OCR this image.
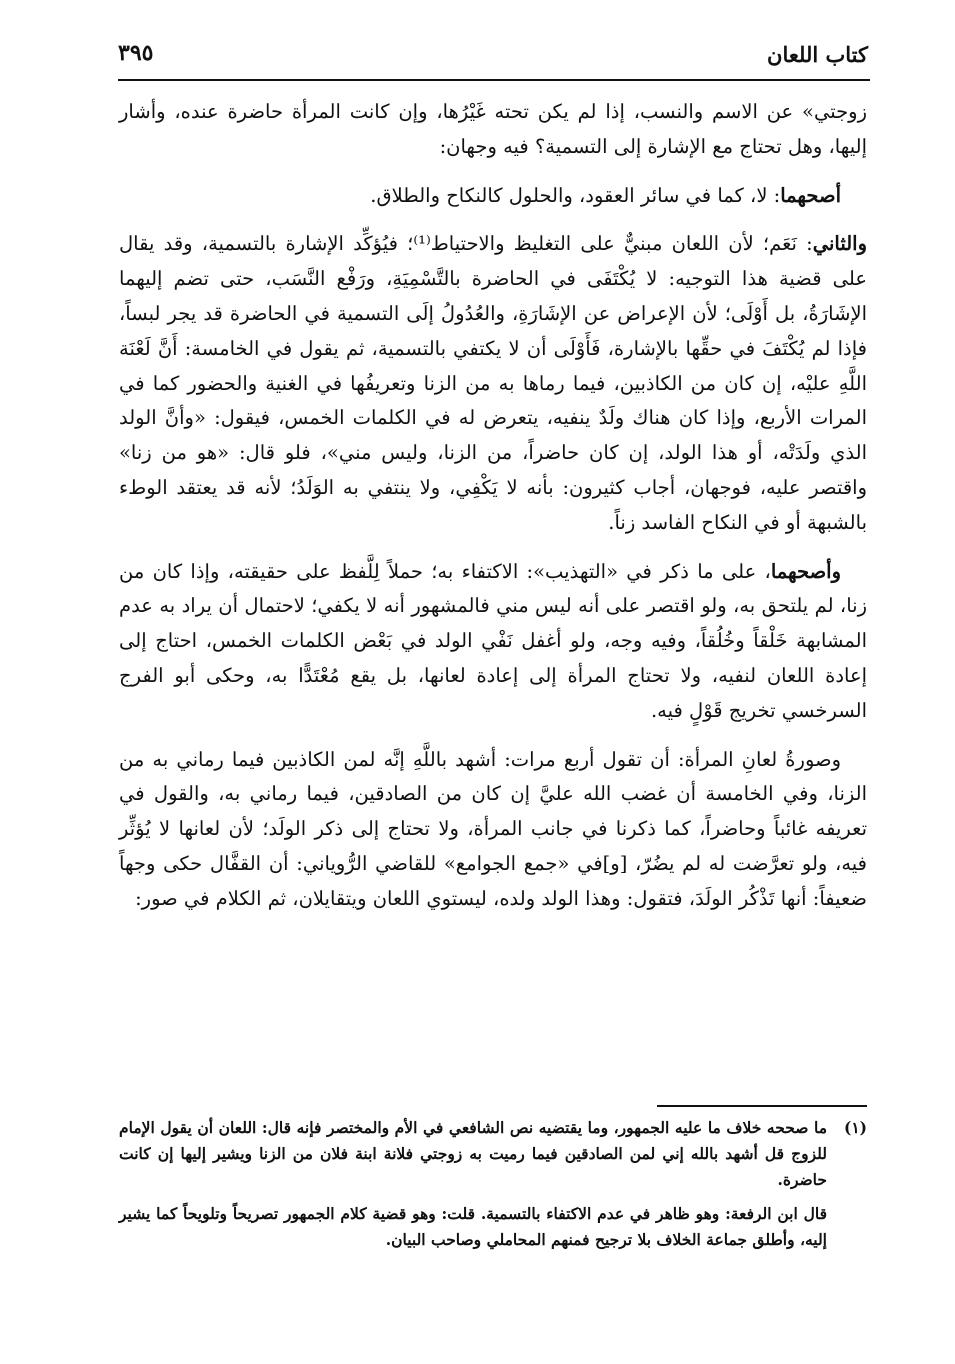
كتاب اللعان
٣٩٥

زوجتي» عن الاسم والنسب، إذا لم يكن تحته غَيْرُها، وإن كانت المرأة حاضرة عنده، وأشار إليها، وهل تحتاج مع الإشارة إلى التسمية؟ فيه وجهان:

أصحهما: لا، كما في سائر العقود، والحلول كالنكاح والطلاق.

والثاني: نَعَم؛ لأن اللعان مبنيٌّ على التغليظ والاحتياط⁽¹⁾؛ فيُؤكِّد الإشارة بالتسمية، وقد يقال على قضية هذا التوجيه: لا يُكْتَفَى في الحاضرة بالتَّسْمِيَةِ، ورَفْع النَّسَب، حتى تضم إليهما الإشَارَةُ، بل أَوْلَى؛ لأن الإعراض عن الإشَارَةِ، والعُدُولُ إلَى التسمية في الحاضرة قد يجر لبساً، فإذا لم يُكْتَفَ في حقِّها بالإشارة، فَأَوْلَى أن لا يكتفي بالتسمية، ثم يقول في الخامسة: أَنَّ لَعْنَة اللَّهِ عليْه، إن كان من الكاذبين، فيما رماها به من الزنا وتعريفُها في الغنية والحضور كما في المرات الأربع، وإذا كان هناك ولَدٌ ينفيه، يتعرض له في الكلمات الخمس، فيقول: «وأنَّ الولد الذي ولَدَتْه، أو هذا الولد، إن كان حاضراً، من الزنا، وليس مني»، فلو قال: «هو من زنا» واقتصر عليه، فوجهان، أجاب كثيرون: بأنه لا يَكْفِي، ولا ينتفي به الوَلَدُ؛ لأنه قد يعتقد الوطء بالشبهة أو في النكاح الفاسد زناً.

وأصحهما، على ما ذكر في «التهذيب»: الاكتفاء به؛ حملاً لِلَّفظ على حقيقته، وإذا كان من زنا، لم يلتحق به، ولو اقتصر على أنه ليس مني فالمشهور أنه لا يكفي؛ لاحتمال أن يراد به عدم المشابهة خَلْقاً وخُلُقاً، وفيه وجه، ولو أغفل نَفْي الولد في بَعْض الكلمات الخمس، احتاج إلى إعادة اللعان لنفيه، ولا تحتاج المرأة إلى إعادة لعانها، بل يقع مُعْتَدًّا به، وحكى أبو الفرج السرخسي تخريج قَوْلٍ فيه.

وصورةُ لعانِ المرأة: أن تقول أربع مرات: أشهد باللَّهِ إنَّه لمن الكاذبين فيما رماني به من الزنا، وفي الخامسة أن غضب الله عليَّ إن كان من الصادقين، فيما رماني به، والقول في تعريفه غائباً وحاضراً، كما ذكرنا في جانب المرأة، ولا تحتاج إلى ذكر الولَد؛ لأن لعانها لا يُؤثِّر فيه، ولو تعرَّضت له لم يضُرّ، [و]في «جمع الجوامع» للقاضي الرُّوياني: أن القفَّال حكى وجهاً ضعيفاً: أنها تَذْكُر الولَدَ، فتقول: وهذا الولد ولده، ليستوي اللعان ويتقايلان، ثم الكلام في صور:

(١)
ما صححه خلاف ما عليه الجمهور، وما يقتضيه نص الشافعي في الأم والمختصر فإنه قال: اللعان أن يقول الإمام للزوج قل أشهد بالله إني لمن الصادقين فيما رميت به زوجتي فلانة ابنة فلان من الزنا ويشير إليها إن كانت حاضرة.

قال ابن الرفعة: وهو ظاهر في عدم الاكتفاء بالتسمية. قلت: وهو قضية كلام الجمهور تصريحاً وتلويحاً كما يشير إليه، وأطلق جماعة الخلاف بلا ترجيح فمنهم المحاملي وصاحب البيان.
